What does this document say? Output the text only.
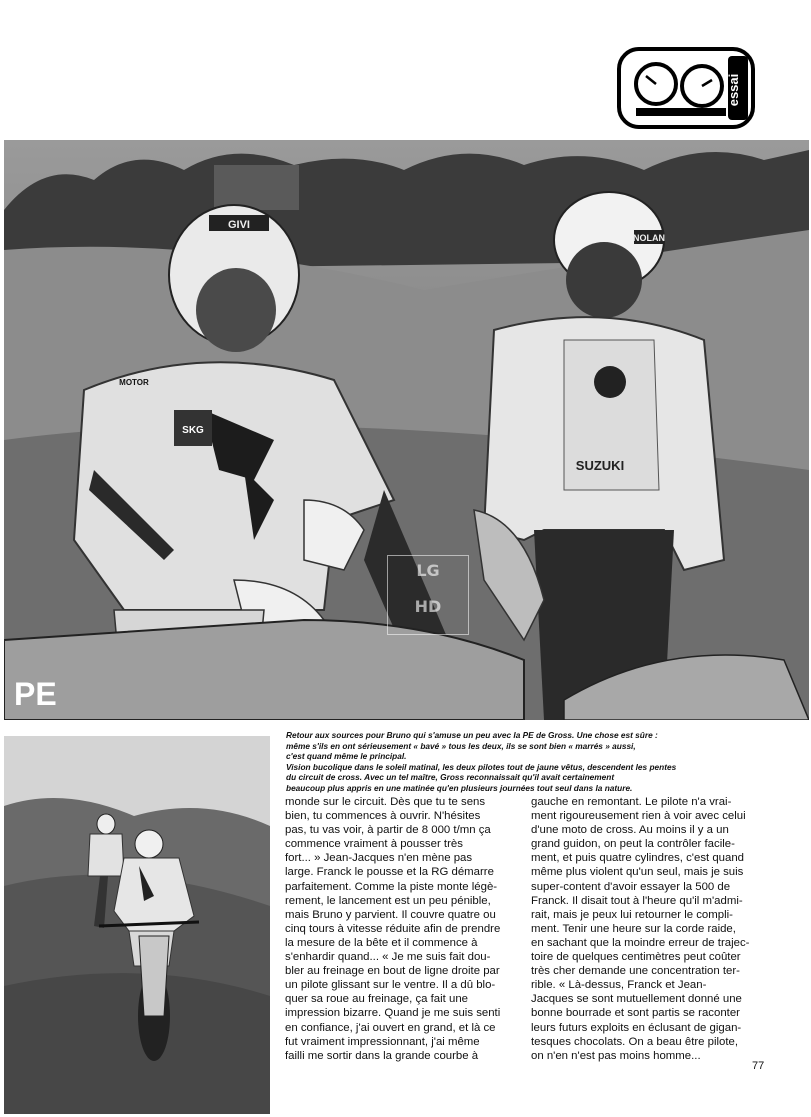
essai
GIVI
SKG
MOTOR
NOLAN
SUZUKI
PE
LG
HD

Retour aux sources pour Bruno qui s'amuse un peu avec la PE de Gross. Une chose est sûre :

même s'ils en ont sérieusement « bavé » tous les deux, ils se sont bien « marrés » aussi,

c'est quand même le principal.

Vision bucolique dans le soleil matinal, les deux pilotes tout de jaune vêtus, descendent les pentes

du circuit de cross. Avec un tel maître, Gross reconnaissait qu'il avait certainement

beaucoup plus appris en une matinée qu'en plusieurs journées tout seul dans la nature.

monde sur le circuit. Dès que tu te sens

bien, tu commences à ouvrir. N'hésites

pas, tu vas voir, à partir de 8 000 t/mn ça

commence vraiment à pousser très

fort... » Jean-Jacques n'en mène pas

large. Franck le pousse et la RG démarre

parfaitement. Comme la piste monte légè-

rement, le lancement est un peu pénible,

mais Bruno y parvient. Il couvre quatre ou

cinq tours à vitesse réduite afin de prendre

la mesure de la bête et il commence à

s'enhardir quand... « Je me suis fait dou-

bler au freinage en bout de ligne droite par

un pilote glissant sur le ventre. Il a dû blo-

quer sa roue au freinage, ça fait une

impression bizarre. Quand je me suis senti

en confiance, j'ai ouvert en grand, et là ce

fut vraiment impressionnant, j'ai même

failli me sortir dans la grande courbe à

gauche en remontant. Le pilote n'a vrai-

ment rigoureusement rien à voir avec celui

d'une moto de cross. Au moins il y a un

grand guidon, on peut la contrôler facile-

ment, et puis quatre cylindres, c'est quand

même plus violent qu'un seul, mais je suis

super-content d'avoir essayer la 500 de

Franck. Il disait tout à l'heure qu'il m'admi-

rait, mais je peux lui retourner le compli-

ment. Tenir une heure sur la corde raide,

en sachant que la moindre erreur de trajec-

toire de quelques centimètres peut coûter

très cher demande une concentration ter-

rible. « Là-dessus, Franck et Jean-

Jacques se sont mutuellement donné une

bonne bourrade et sont partis se raconter

leurs futurs exploits en éclusant de gigan-

tesques chocolats. On a beau être pilote,

on n'en n'est pas moins homme...

77
